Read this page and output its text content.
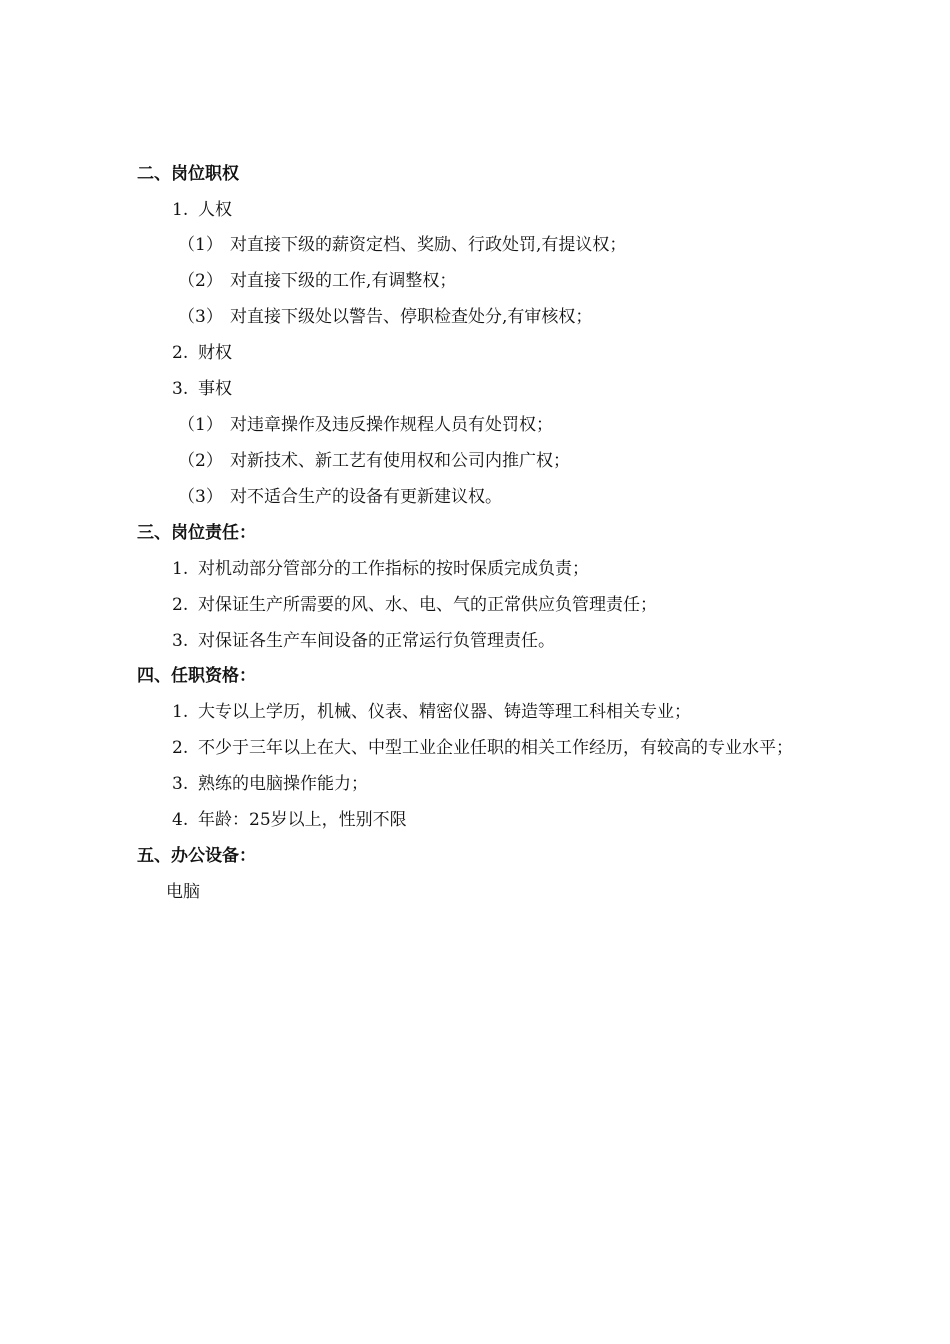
二、岗位职权
1. 人权
（1） 对直接下级的薪资定档、奖励、行政处罚,有提议权；
（2） 对直接下级的工作,有调整权；
（3） 对直接下级处以警告、停职检查处分,有审核权；
2. 财权
3. 事权
（1） 对违章操作及违反操作规程人员有处罚权；
（2） 对新技术、新工艺有使用权和公司内推广权；
（3） 对不适合生产的设备有更新建议权。
三、岗位责任：
1. 对机动部分管部分的工作指标的按时保质完成负责；
2. 对保证生产所需要的风、水、电、气的正常供应负管理责任；
3. 对保证各生产车间设备的正常运行负管理责任。
四、任职资格：
1. 大专以上学历，机械、仪表、精密仪器、铸造等理工科相关专业；
2. 不少于三年以上在大、中型工业企业任职的相关工作经历，有较高的专业水平；
3. 熟练的电脑操作能力；
4. 年龄：25岁以上，性别不限
五、办公设备：
电脑
